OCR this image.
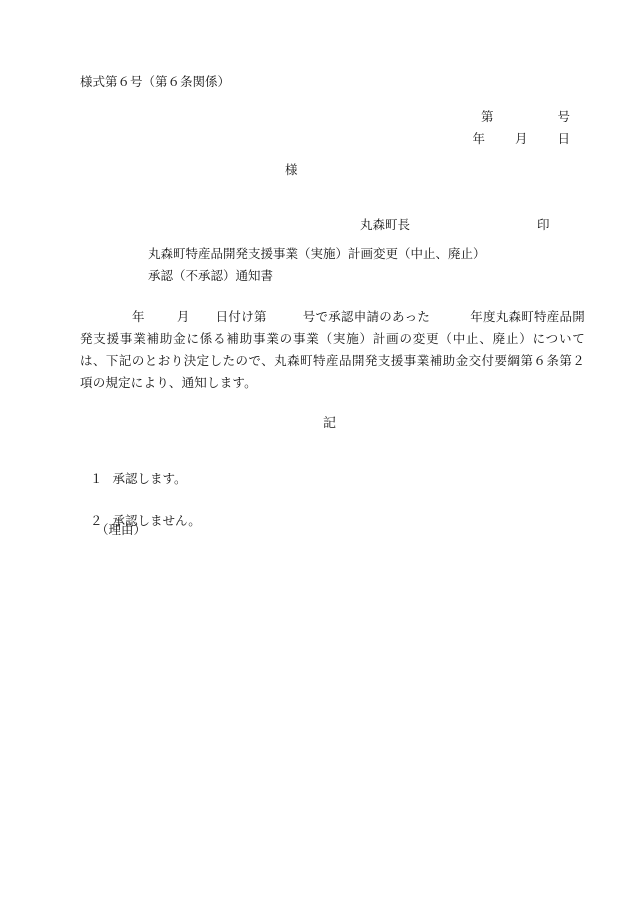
様式第６号（第６条関係）

第	号

年 月 日

様

丸森町長	印

丸森町特産品開発支援事業（実施）計画変更（中止、廃止）
承認（不承認）通知書
年	月 日付け第	号で承認申請のあった	年度丸森町特産品開発支援事業補助金に係る補助事業の事業（実施）計画の変更（中止、廃止）については、下記のとおり決定したので、丸森町特産品開発支援事業補助金交付要綱第６条第２項の規定により、通知します。
記

１ 承認します。

２ 承認しません。

（理由）
